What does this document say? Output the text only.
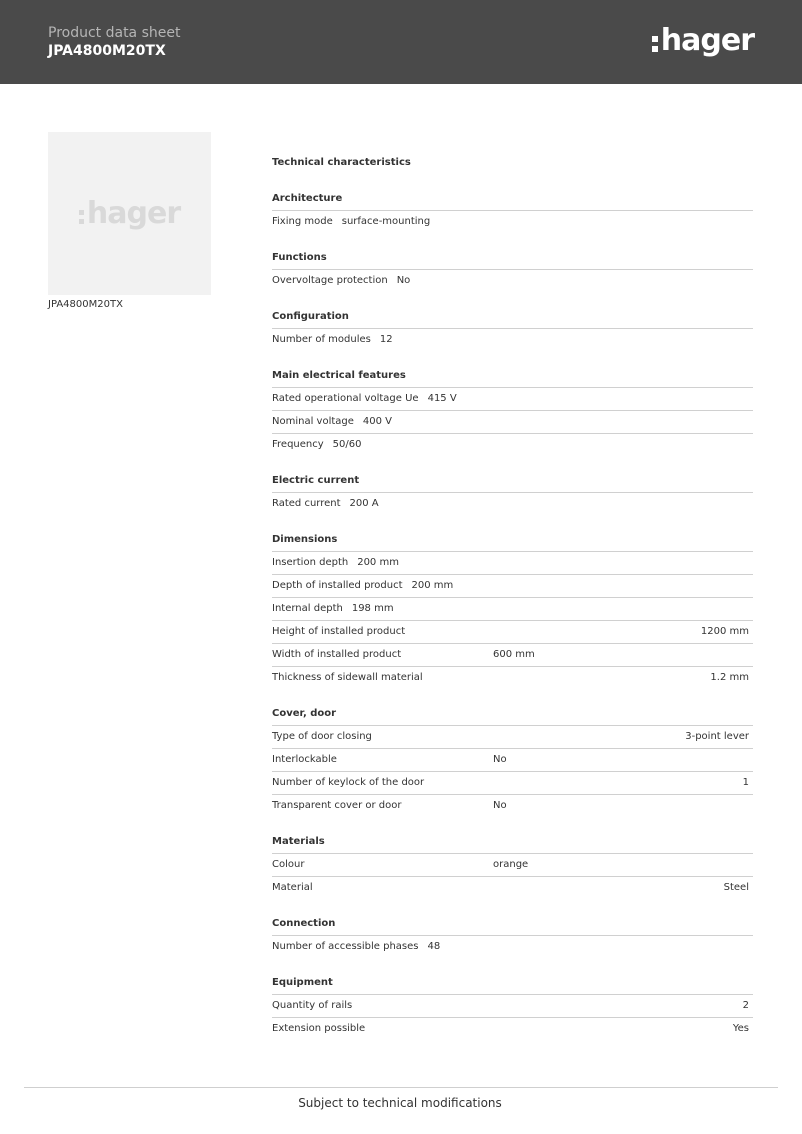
Product data sheet
JPA4800M20TX	hager
hager
JPA4800M20TX
Technical characteristics
Architecture
Fixing mode surface-mounting
Functions
Overvoltage protection No
Configuration
Number of modules 12
Main electrical features
Rated operational voltage Ue 415 V
Nominal voltage 400 V
Frequency 50/60
Electric current
Rated current 200 A
Dimensions
Insertion depth 200 mm
Depth of installed product 200 mm
Internal depth 198 mm
Height of installed product	1200 mm
Width of installed product	600 mm
Thickness of sidewall material	1.2 mm
Cover, door
Type of door closing	3-point lever
Interlockable	No
Number of keylock of the door	1
Transparent cover or door	No
Materials
Colour	orange
Material	Steel
Connection
Number of accessible phases 48
Equipment
Quantity of rails	2
Extension possible	Yes
Subject to technical modifications
